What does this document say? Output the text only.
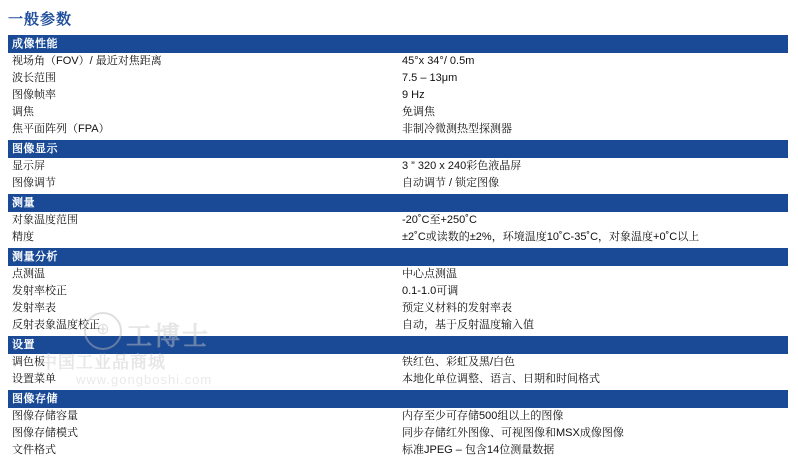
一般参数
成像性能	
视场角（FOV）/ 最近对焦距离	45°x 34°/ 0.5m
波长范围	7.5 – 13μm
图像帧率	9 Hz
调焦	免调焦
焦平面阵列（FPA）	非制冷微测热型探测器

图像显示	
显示屏	3 ” 320 x 240彩色液晶屏
图像调节	自动调节 / 锁定图像

测量	
对象温度范围	-20˚C至+250˚C
精度	±2˚C或读数的±2%，环境温度10˚C-35˚C，对象温度+0˚C以上

测量分析	
点测温	中心点测温
发射率校正	0.1-1.0可调
发射率表	预定义材料的发射率表
反射表象温度校正	自动，基于反射温度输入值

设置	
调色板	铁红色、彩虹及黑/白色
设置菜单	本地化单位调整、语言、日期和时间格式

图像存储	
图像存储容量	内存至少可存储500组以上的图像
图像存储模式	同步存储红外图像、可视图像和MSX成像图像
文件格式	标准JPEG – 包含14位测量数据
⊕ 工博士
中国工业品商城
www.gongboshi.com
